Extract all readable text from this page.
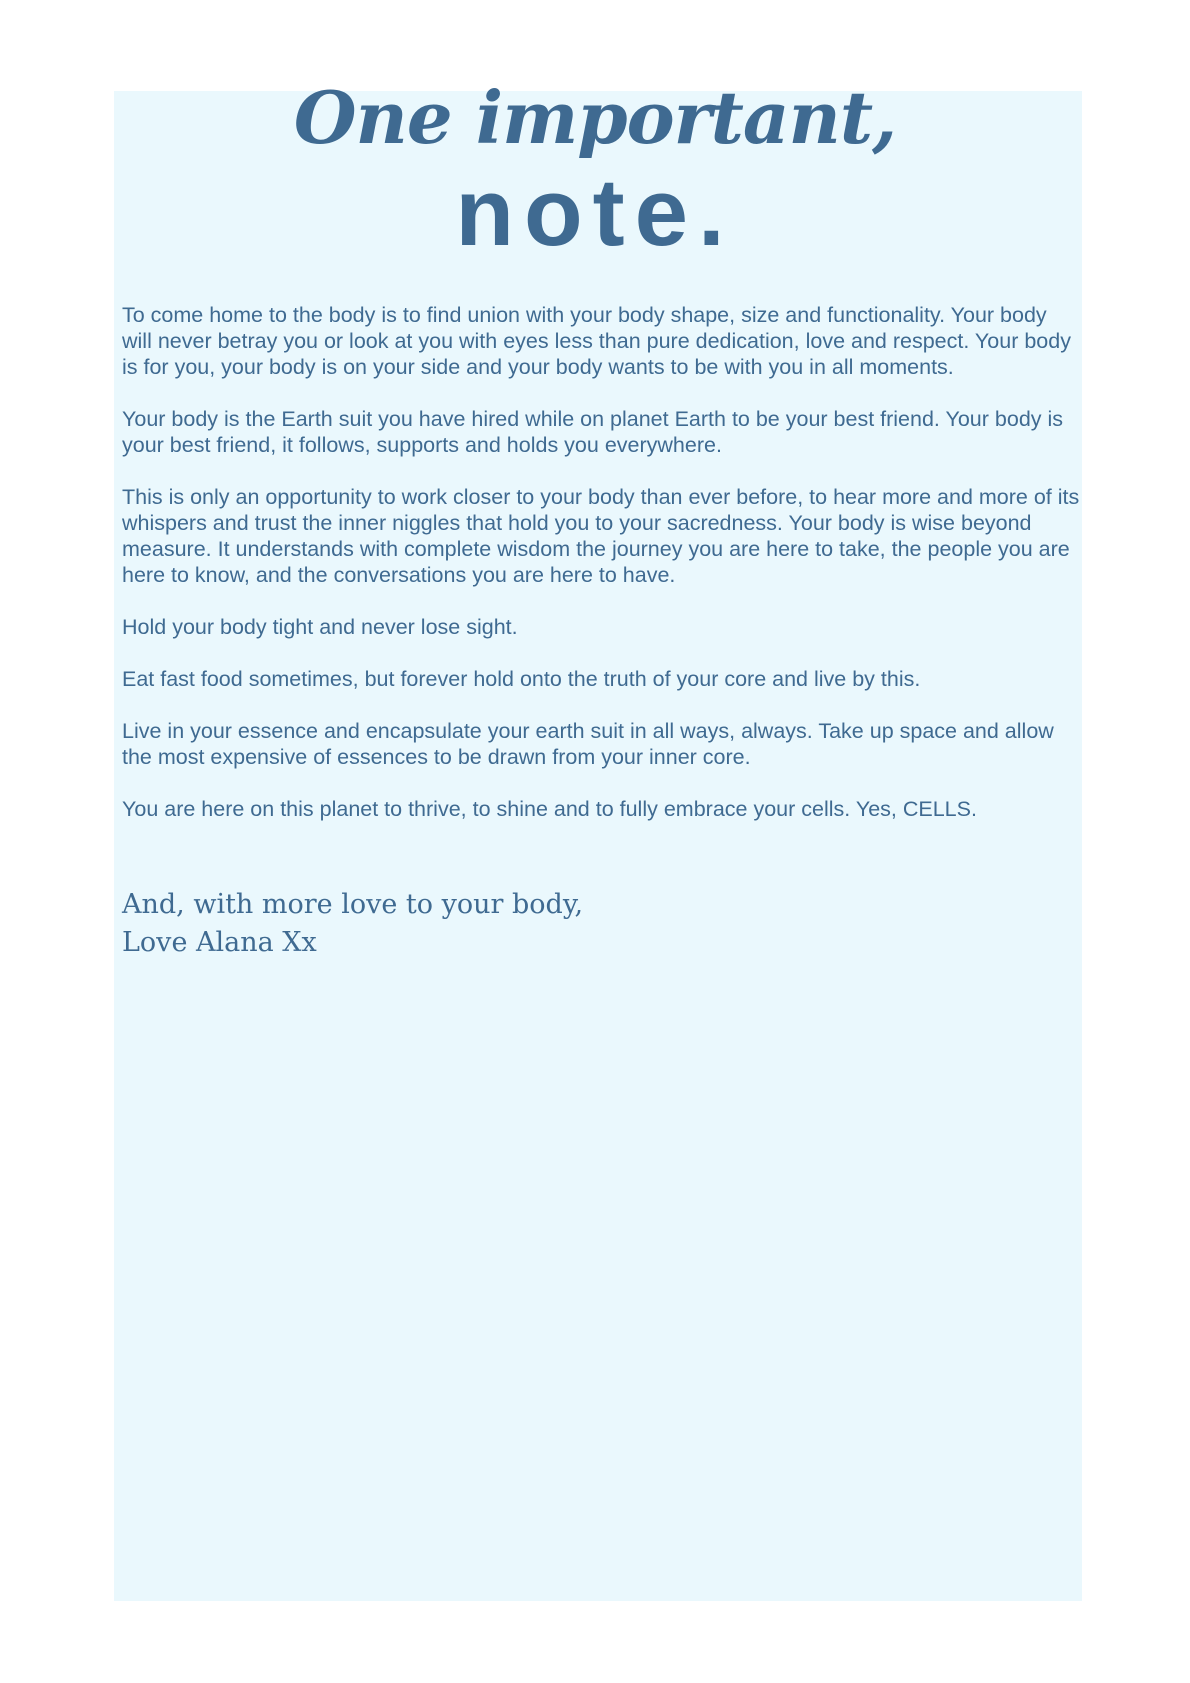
One important,
note.

To come home to the body is to find union with your body shape, size and functionality. Your body will never betray you or look at you with eyes less than pure dedication, love and respect. Your body is for you, your body is on your side and your body wants to be with you in all moments.

Your body is the Earth suit you have hired while on planet Earth to be your best friend. Your body is your best friend, it follows, supports and holds you everywhere.

This is only an opportunity to work closer to your body than ever before, to hear more and more of its whispers and trust the inner niggles that hold you to your sacredness. Your body is wise beyond measure. It understands with complete wisdom the journey you are here to take, the people you are here to know, and the conversations you are here to have.

Hold your body tight and never lose sight.

Eat fast food sometimes, but forever hold onto the truth of your core and live by this.

Live in your essence and encapsulate your earth suit in all ways, always. Take up space and allow the most expensive of essences to be drawn from your inner core.

You are here on this planet to thrive, to shine and to fully embrace your cells. Yes, CELLS.

And, with more love to your body,
Love Alana Xx
